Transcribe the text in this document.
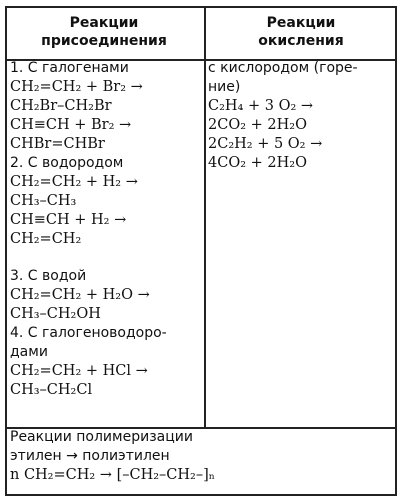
Реакции
присоединения
Реакции
окисления
1. С галогенами
CH₂=CH₂ + Br₂ →
CH₂Br–CH₂Br
CH≡CH + Br₂ →
CHBr=CHBr
2. С водородом
CH₂=CH₂ + H₂ →
CH₃–CH₃
CH≡CH + H₂ →
CH₂=CH₂
3. С водой
CH₂=CH₂ + H₂O →
CH₃–CH₂OH
4. С галогеноводоро-
дами
CH₂=CH₂ + HCl →
CH₃–CH₂Cl
с кислородом (горе-
ние)
C₂H₄ + 3 O₂ →
2CO₂ + 2H₂O
2C₂H₂ + 5 O₂ →
4CO₂ + 2H₂O
Реакции полимеризации
этилен → полиэтилен
n CH₂=CH₂ → [–CH₂–CH₂–]ₙ
